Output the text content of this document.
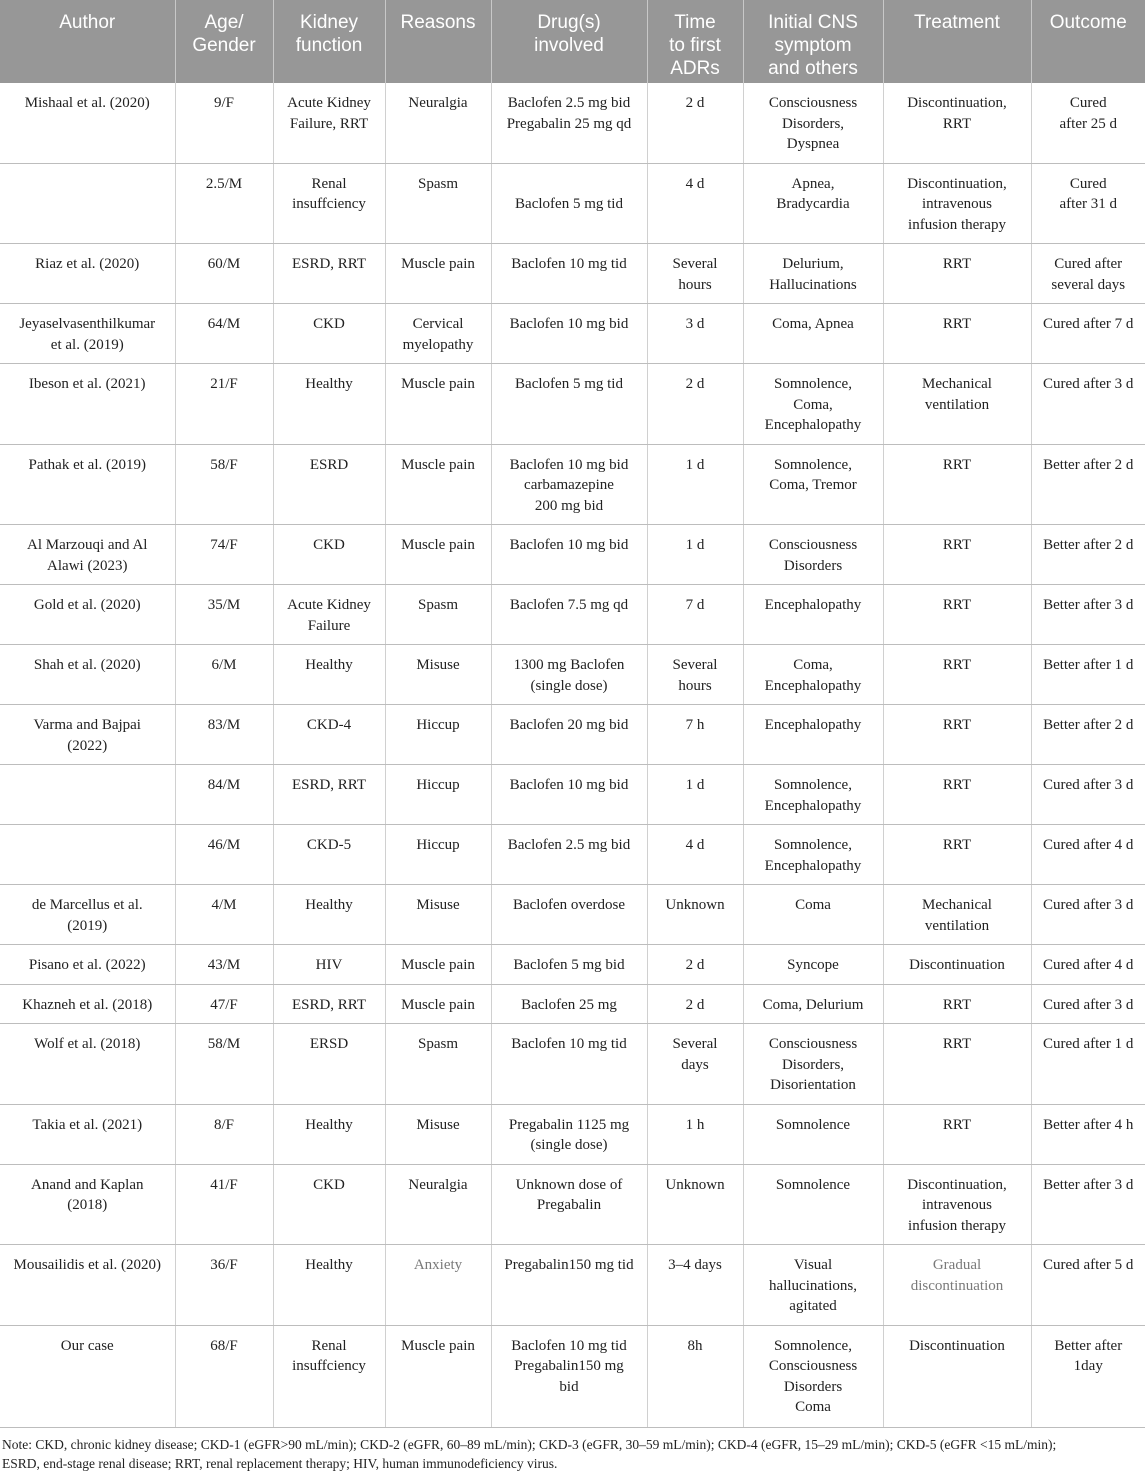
Author	Age/
Gender	Kidney
function	Reasons	Drug(s)
involved	Time
to first
ADRs	Initial CNS
symptom
and others	Treatment	Outcome

Mishaal et al. (2020)	9/F	Acute Kidney
Failure, RRT	Neuralgia	Baclofen 2.5 mg bid
Pregabalin 25 mg qd	2 d	Consciousness
Disorders,
Dyspnea	Discontinuation,
RRT	Cured
after 25 d

	2.5/M	Renal
insuffciency	Spasm	Baclofen 5 mg tid	4 d	Apnea,
Bradycardia	Discontinuation,
intravenous
infusion therapy	Cured
after 31 d

Riaz et al. (2020)	60/M	ESRD, RRT	Muscle pain	Baclofen 10 mg tid	Several
hours	Delurium,
Hallucinations	RRT	Cured after
several days

Jeyaselvasenthilkumar
et al. (2019)	64/M	CKD	Cervical
myelopathy	Baclofen 10 mg bid	3 d	Coma, Apnea	RRT	Cured after 7 d

Ibeson et al. (2021)	21/F	Healthy	Muscle pain	Baclofen 5 mg tid	2 d	Somnolence,
Coma,
Encephalopathy	Mechanical
ventilation	Cured after 3 d

Pathak et al. (2019)	58/F	ESRD	Muscle pain	Baclofen 10 mg bid
carbamazepine
200 mg bid	1 d	Somnolence,
Coma, Tremor	RRT	Better after 2 d

Al Marzouqi and Al
Alawi (2023)	74/F	CKD	Muscle pain	Baclofen 10 mg bid	1 d	Consciousness
Disorders	RRT	Better after 2 d

Gold et al. (2020)	35/M	Acute Kidney
Failure	Spasm	Baclofen 7.5 mg qd	7 d	Encephalopathy	RRT	Better after 3 d

Shah et al. (2020)	6/M	Healthy	Misuse	1300 mg Baclofen
(single dose)	Several
hours	Coma,
Encephalopathy	RRT	Better after 1 d

Varma and Bajpai
(2022)	83/M	CKD-4	Hiccup	Baclofen 20 mg bid	7 h	Encephalopathy	RRT	Better after 2 d

	84/M	ESRD, RRT	Hiccup	Baclofen 10 mg bid	1 d	Somnolence,
Encephalopathy	RRT	Cured after 3 d

	46/M	CKD-5	Hiccup	Baclofen 2.5 mg bid	4 d	Somnolence,
Encephalopathy	RRT	Cured after 4 d

de Marcellus et al.
(2019)	4/M	Healthy	Misuse	Baclofen overdose	Unknown	Coma	Mechanical
ventilation	Cured after 3 d

Pisano et al. (2022)	43/M	HIV	Muscle pain	Baclofen 5 mg bid	2 d	Syncope	Discontinuation	Cured after 4 d

Khazneh et al. (2018)	47/F	ESRD, RRT	Muscle pain	Baclofen 25 mg	2 d	Coma, Delurium	RRT	Cured after 3 d

Wolf et al. (2018)	58/M	ERSD	Spasm	Baclofen 10 mg tid	Several
days	Consciousness
Disorders,
Disorientation	RRT	Cured after 1 d

Takia et al. (2021)	8/F	Healthy	Misuse	Pregabalin 1125 mg
(single dose)	1 h	Somnolence	RRT	Better after 4 h

Anand and Kaplan
(2018)	41/F	CKD	Neuralgia	Unknown dose of
Pregabalin	Unknown	Somnolence	Discontinuation,
intravenous
infusion therapy	Better after 3 d

Mousailidis et al. (2020)	36/F	Healthy	Anxiety	Pregabalin150 mg tid	3–4 days	Visual
hallucinations,
agitated	Gradual
discontinuation	Cured after 5 d

Our case	68/F	Renal
insuffciency	Muscle pain	Baclofen 10 mg tid
Pregabalin150 mg
bid	8h	Somnolence,
Consciousness
Disorders
Coma	Discontinuation	Better after
1day
Note: CKD, chronic kidney disease; CKD-1 (eGFR>90 mL/min); CKD-2 (eGFR, 60–89 mL/min); CKD-3 (eGFR, 30–59 mL/min); CKD-4 (eGFR, 15–29 mL/min); CKD-5 (eGFR <15 mL/min);
ESRD, end-stage renal disease; RRT, renal replacement therapy; HIV, human immunodeficiency virus.
